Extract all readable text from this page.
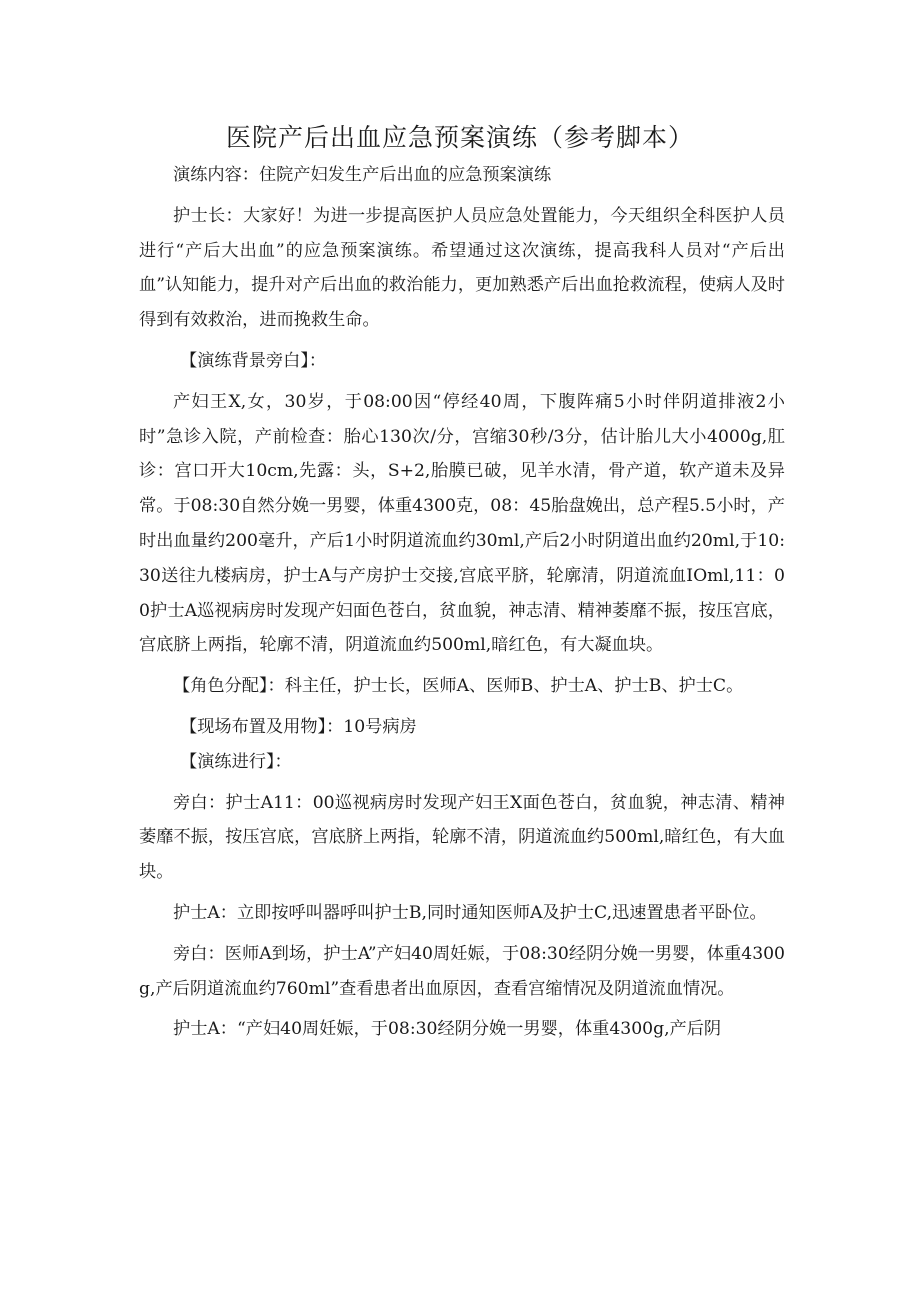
医院产后出血应急预案演练（参考脚本）

演练内容：住院产妇发生产后出血的应急预案演练

护士长：大家好！为进一步提高医护人员应急处置能力，今天组织全科医护人员进行“产后大出血”的应急预案演练。希望通过这次演练，提高我科人员对“产后出血”认知能力，提升对产后出血的救治能力，更加熟悉产后出血抢救流程，使病人及时得到有效救治，进而挽救生命。

【演练背景旁白】：

产妇王X,女，30岁，于08:00因“停经40周，下腹阵痛5小时伴阴道排液2小时”急诊入院，产前检查：胎心130次/分，宫缩30秒/3分，估计胎儿大小4000g,肛诊：宫口开大10cm,先露：头，S+2,胎膜已破，见羊水清，骨产道，软产道未及异常。于08:30自然分娩一男婴，体重4300克，08：45胎盘娩出，总产程5.5小时，产时出血量约200毫升，产后1小时阴道流血约30ml,产后2小时阴道出血约20ml,于10:30送往九楼病房，护士A与产房护士交接,宫底平脐，轮廓清，阴道流血IOml,11：00护士A巡视病房时发现产妇面色苍白，贫血貌，神志清、精神萎靡不振，按压宫底，宫底脐上两指，轮廓不清，阴道流血约500ml,暗红色，有大凝血块。

【角色分配】：科主任，护士长，医师A、医师B、护士A、护士B、护士C。

【现场布置及用物】：10号病房

【演练进行】：

旁白：护士A11：00巡视病房时发现产妇王X面色苍白，贫血貌，神志清、精神萎靡不振，按压宫底，宫底脐上两指，轮廓不清，阴道流血约500ml,暗红色，有大血块。

护士A：立即按呼叫器呼叫护士B,同时通知医师A及护士C,迅速置患者平卧位。

旁白：医师A到场，护士A”产妇40周妊娠，于08:30经阴分娩一男婴，体重4300g,产后阴道流血约760ml”查看患者出血原因，查看宫缩情况及阴道流血情况。

护士A：“产妇40周妊娠，于08:30经阴分娩一男婴，体重4300g,产后阴
